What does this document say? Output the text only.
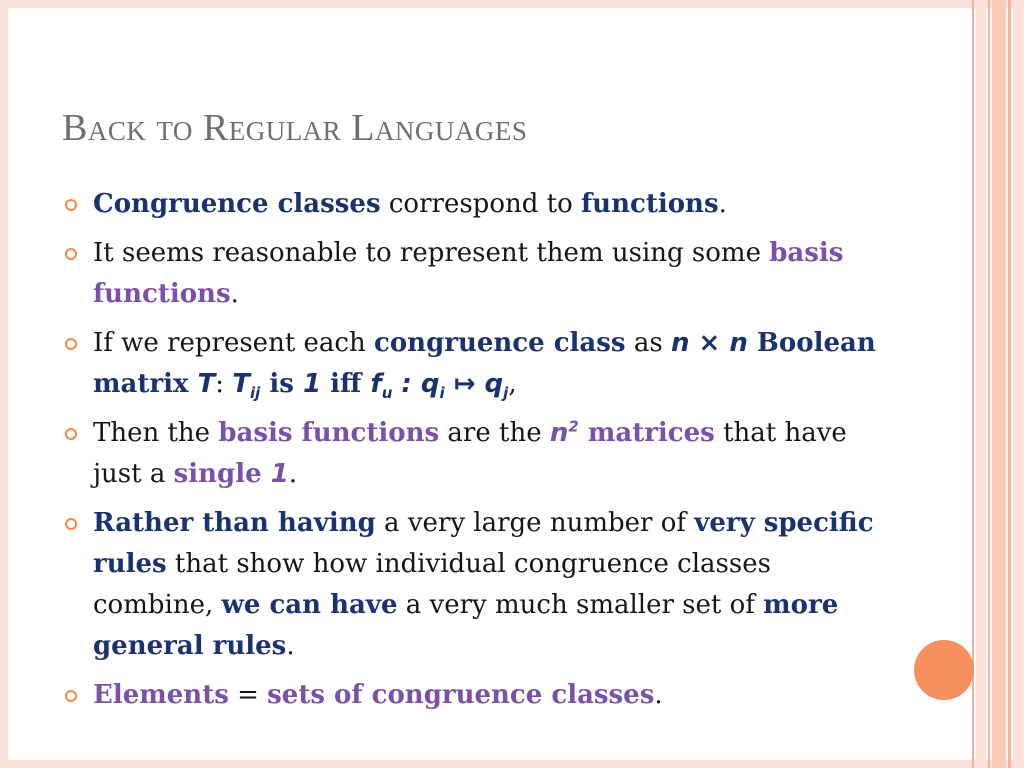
Back to Regular Languages
Congruence classes correspond to functions.
It seems reasonable to represent them using some basis functions.
If we represent each congruence class as n × n Boolean matrix T: $T_{ij}$ is 1 iff $f_u$ : $q_i$ ↦ $q_j$,
Then the basis functions are the $n^2$ matrices that have just a single 1.
Rather than having a very large number of very specific rules that show how individual congruence classes combine, we can have a very much smaller set of more general rules.
Elements = sets of congruence classes.
